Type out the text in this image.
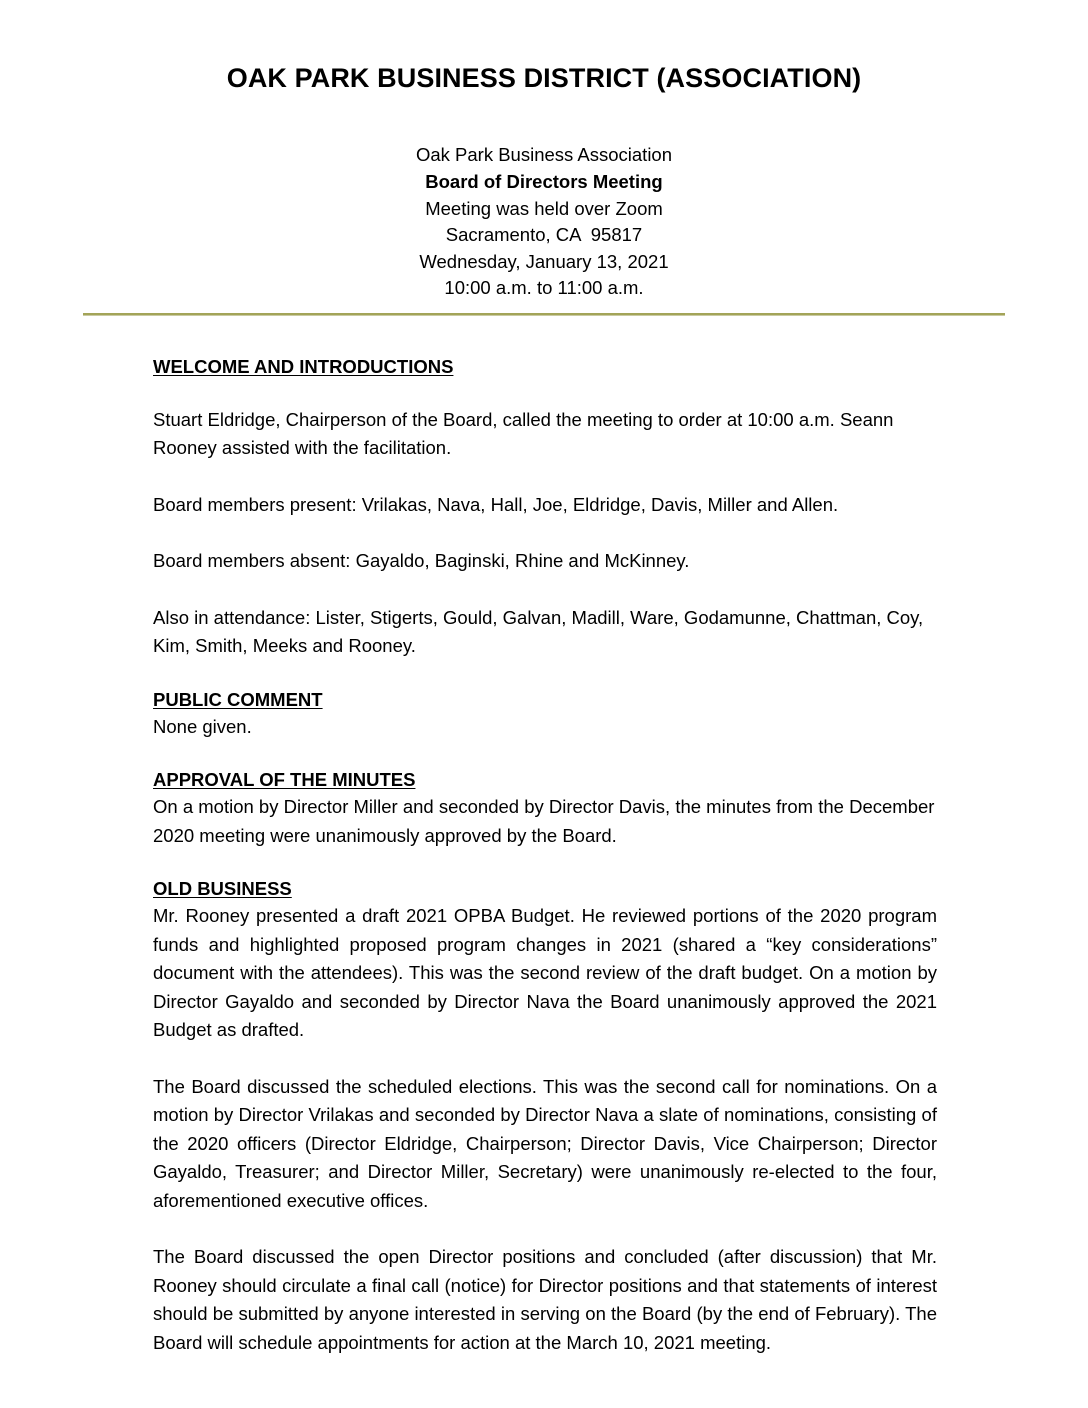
OAK PARK BUSINESS DISTRICT (ASSOCIATION)
Oak Park Business Association
Board of Directors Meeting
Meeting was held over Zoom
Sacramento, CA  95817
Wednesday, January 13, 2021
10:00 a.m. to 11:00 a.m.
WELCOME AND INTRODUCTIONS

Stuart Eldridge, Chairperson of the Board, called the meeting to order at 10:00 a.m. Seann Rooney assisted with the facilitation.

Board members present: Vrilakas, Nava, Hall, Joe, Eldridge, Davis, Miller and Allen.

Board members absent: Gayaldo, Baginski, Rhine and McKinney.

Also in attendance: Lister, Stigerts, Gould, Galvan, Madill, Ware, Godamunne, Chattman, Coy, Kim, Smith, Meeks and Rooney.

PUBLIC COMMENT

None given.

APPROVAL OF THE MINUTES

On a motion by Director Miller and seconded by Director Davis, the minutes from the December 2020 meeting were unanimously approved by the Board.

OLD BUSINESS

Mr. Rooney presented a draft 2021 OPBA Budget. He reviewed portions of the 2020 program funds and highlighted proposed program changes in 2021 (shared a “key considerations” document with the attendees). This was the second review of the draft budget. On a motion by Director Gayaldo and seconded by Director Nava the Board unanimously approved the 2021 Budget as drafted.

The Board discussed the scheduled elections. This was the second call for nominations. On a motion by Director Vrilakas and seconded by Director Nava a slate of nominations, consisting of the 2020 officers (Director Eldridge, Chairperson; Director Davis, Vice Chairperson; Director Gayaldo, Treasurer; and Director Miller, Secretary) were unanimously re-elected to the four, aforementioned executive offices.

The Board discussed the open Director positions and concluded (after discussion) that Mr. Rooney should circulate a final call (notice) for Director positions and that statements of interest should be submitted by anyone interested in serving on the Board (by the end of February). The Board will schedule appointments for action at the March 10, 2021 meeting.
